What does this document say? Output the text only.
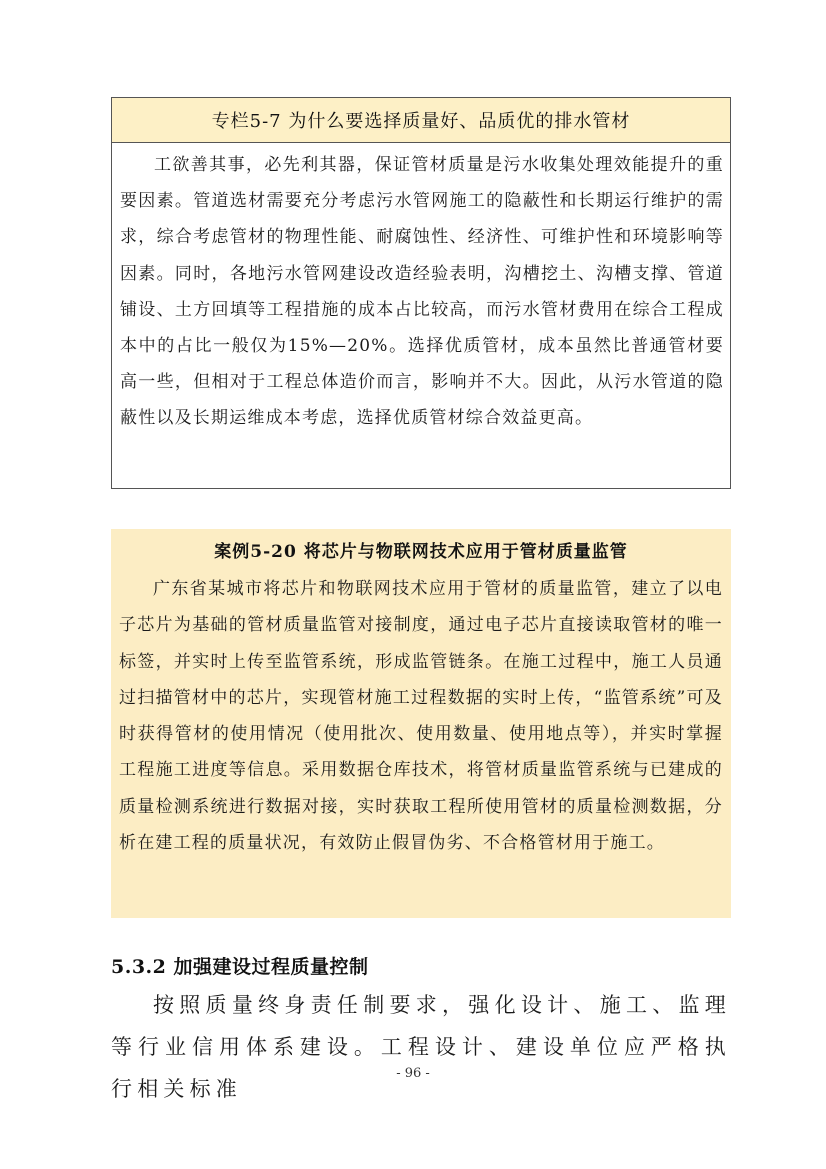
专栏5-7 为什么要选择质量好、品质优的排水管材

工欲善其事，必先利其器，保证管材质量是污水收集处理效能提升的重要因素。管道选材需要充分考虑污水管网施工的隐蔽性和长期运行维护的需求，综合考虑管材的物理性能、耐腐蚀性、经济性、可维护性和环境影响等因素。同时，各地污水管网建设改造经验表明，沟槽挖土、沟槽支撑、管道铺设、土方回填等工程措施的成本占比较高，而污水管材费用在综合工程成本中的占比一般仅为15%—20%。选择优质管材，成本虽然比普通管材要高一些，但相对于工程总体造价而言，影响并不大。因此，从污水管道的隐蔽性以及长期运维成本考虑，选择优质管材综合效益更高。

案例5-20 将芯片与物联网技术应用于管材质量监管

广东省某城市将芯片和物联网技术应用于管材的质量监管，建立了以电子芯片为基础的管材质量监管对接制度，通过电子芯片直接读取管材的唯一标签，并实时上传至监管系统，形成监管链条。在施工过程中，施工人员通过扫描管材中的芯片，实现管材施工过程数据的实时上传，“监管系统”可及时获得管材的使用情况（使用批次、使用数量、使用地点等），并实时掌握工程施工进度等信息。采用数据仓库技术，将管材质量监管系统与已建成的质量检测系统进行数据对接，实时获取工程所使用管材的质量检测数据，分析在建工程的质量状况，有效防止假冒伪劣、不合格管材用于施工。

5.3.2 加强建设过程质量控制

按照质量终身责任制要求，强化设计、施工、监理等行业信用体系建设。工程设计、建设单位应严格执行相关标准

- 96 -
